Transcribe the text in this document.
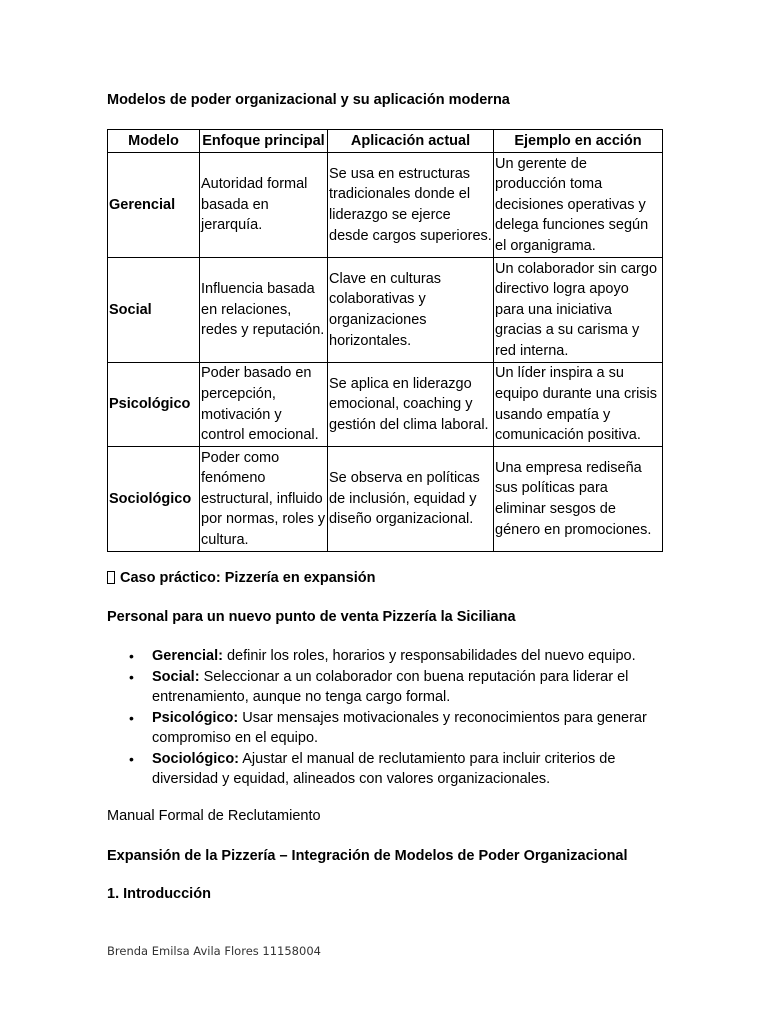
Modelos de poder organizacional y su aplicación moderna
Modelo	Enfoque principal	Aplicación actual	Ejemplo en acción
Gerencial	Autoridad formal basada en jerarquía.	Se usa en estructuras tradicionales donde el liderazgo se ejerce desde cargos superiores.	Un gerente de producción toma decisiones operativas y delega funciones según el organigrama.
Social	Influencia basada en relaciones, redes y reputación.	Clave en culturas colaborativas y organizaciones horizontales.	Un colaborador sin cargo directivo logra apoyo para una iniciativa gracias a su carisma y red interna.
Psicológico	Poder basado en percepción, motivación y control emocional.	Se aplica en liderazgo emocional, coaching y gestión del clima laboral.	Un líder inspira a su equipo durante una crisis usando empatía y comunicación positiva.
Sociológico	Poder como fenómeno estructural, influido por normas, roles y cultura.	Se observa en políticas de inclusión, equidad y diseño organizacional.	Una empresa rediseña sus políticas para eliminar sesgos de género en promociones.
Caso práctico: Pizzería en expansión
Personal para un nuevo punto de venta Pizzería la Siciliana
• Gerencial: definir los roles, horarios y responsabilidades del nuevo equipo.
• Social: Seleccionar a un colaborador con buena reputación para liderar el entrenamiento, aunque no tenga cargo formal.
• Psicológico: Usar mensajes motivacionales y reconocimientos para generar compromiso en el equipo.
• Sociológico: Ajustar el manual de reclutamiento para incluir criterios de diversidad y equidad, alineados con valores organizacionales.

Manual Formal de Reclutamiento

Expansión de la Pizzería – Integración de Modelos de Poder Organizacional
1. Introducción
Brenda Emilsa Avila Flores 11158004
